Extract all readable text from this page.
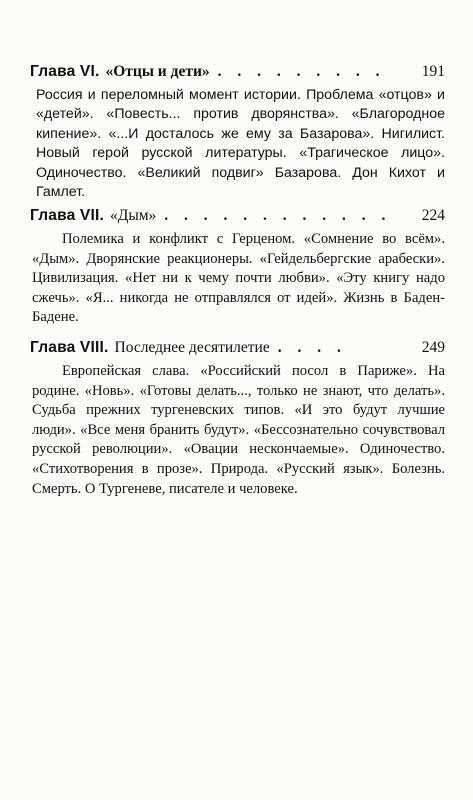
Глава VI. «Отцы и дети» . . . . . . . . .	191

Россия и переломный момент истории. Проблема «отцов» и «детей». «Повесть... против дворянства». «Благородное кипение». «...И досталось же ему за Базарова». Нигилист. Новый герой русской литературы. «Трагическое лицо». Одиночество. «Великий подвиг» Базарова. Дон Кихот и Гамлет.

Глава VII. «Дым» . . . . . . . . . . . .	224

Полемика и конфликт с Герценом. «Сомнение во всём». «Дым». Дворянские реакционеры. «Гейдельбергские арабески». Цивилизация. «Нет ни к чему почти любви». «Эту книгу надо сжечь». «Я... никогда не отправлялся от идей». Жизнь в Баден-Бадене.

Глава VIII. Последнее десятилетие . . . .	249

Европейская слава. «Российский посол в Париже». На родине. «Новь». «Готовы делать..., только не знают, что делать». Судьба прежних тургеневских типов. «И это будут лучшие люди». «Все меня бранить будут». «Бессознательно сочувствовал русской революции». «Овации нескончаемые». Одиночество. «Стихотворения в прозе». Природа. «Русский язык». Болезнь. Смерть. О Тургеневе, писателе и человеке.
